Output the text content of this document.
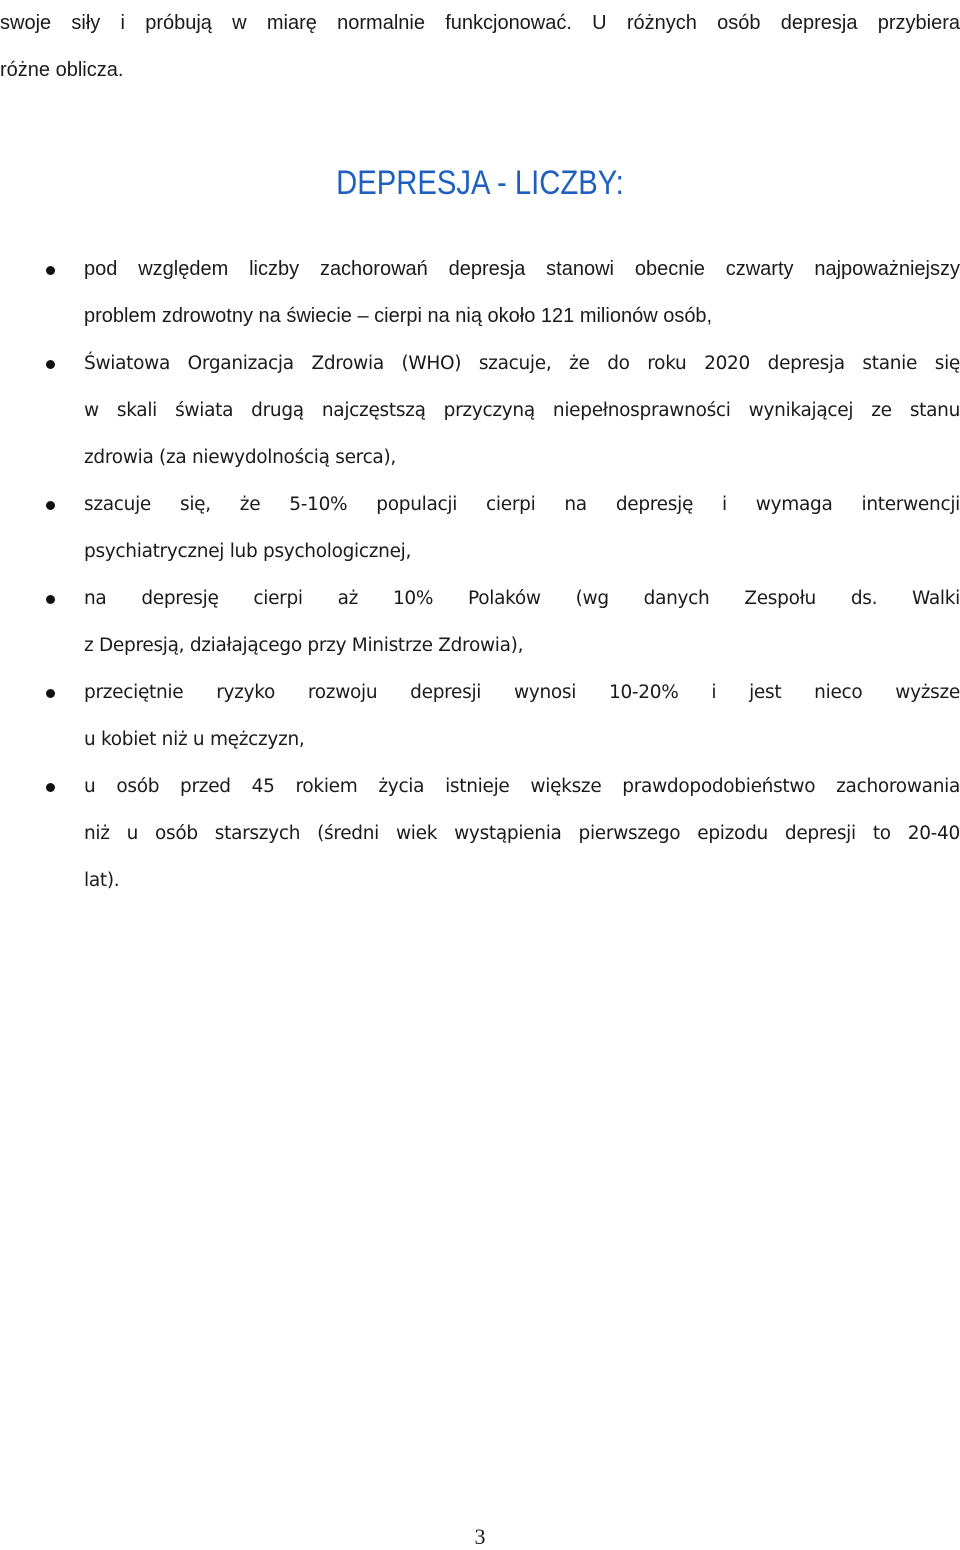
swoje siły i próbują w miarę normalnie funkcjonować. U różnych osób depresja przybiera
różne oblicza.

DEPRESJA - LICZBY:
pod względem liczby zachorowań depresja stanowi obecnie czwarty najpoważniejszy
problem zdrowotny na świecie – cierpi na nią około 121 milionów osób,
Światowa Organizacja Zdrowia (WHO) szacuje, że do roku 2020 depresja stanie się
w skali świata drugą najczęstszą przyczyną niepełnosprawności wynikającej ze stanu
zdrowia (za niewydolnością serca),
szacuje się, że 5-10% populacji cierpi na depresję i wymaga interwencji
psychiatrycznej lub psychologicznej,
na depresję cierpi aż 10% Polaków (wg danych Zespołu ds. Walki
z Depresją, działającego przy Ministrze Zdrowia),
przeciętnie ryzyko rozwoju depresji wynosi 10-20% i jest nieco wyższe
u kobiet niż u mężczyzn,
u osób przed 45 rokiem życia istnieje większe prawdopodobieństwo zachorowania
niż u osób starszych (średni wiek wystąpienia pierwszego epizodu depresji to 20-40
lat).

3
